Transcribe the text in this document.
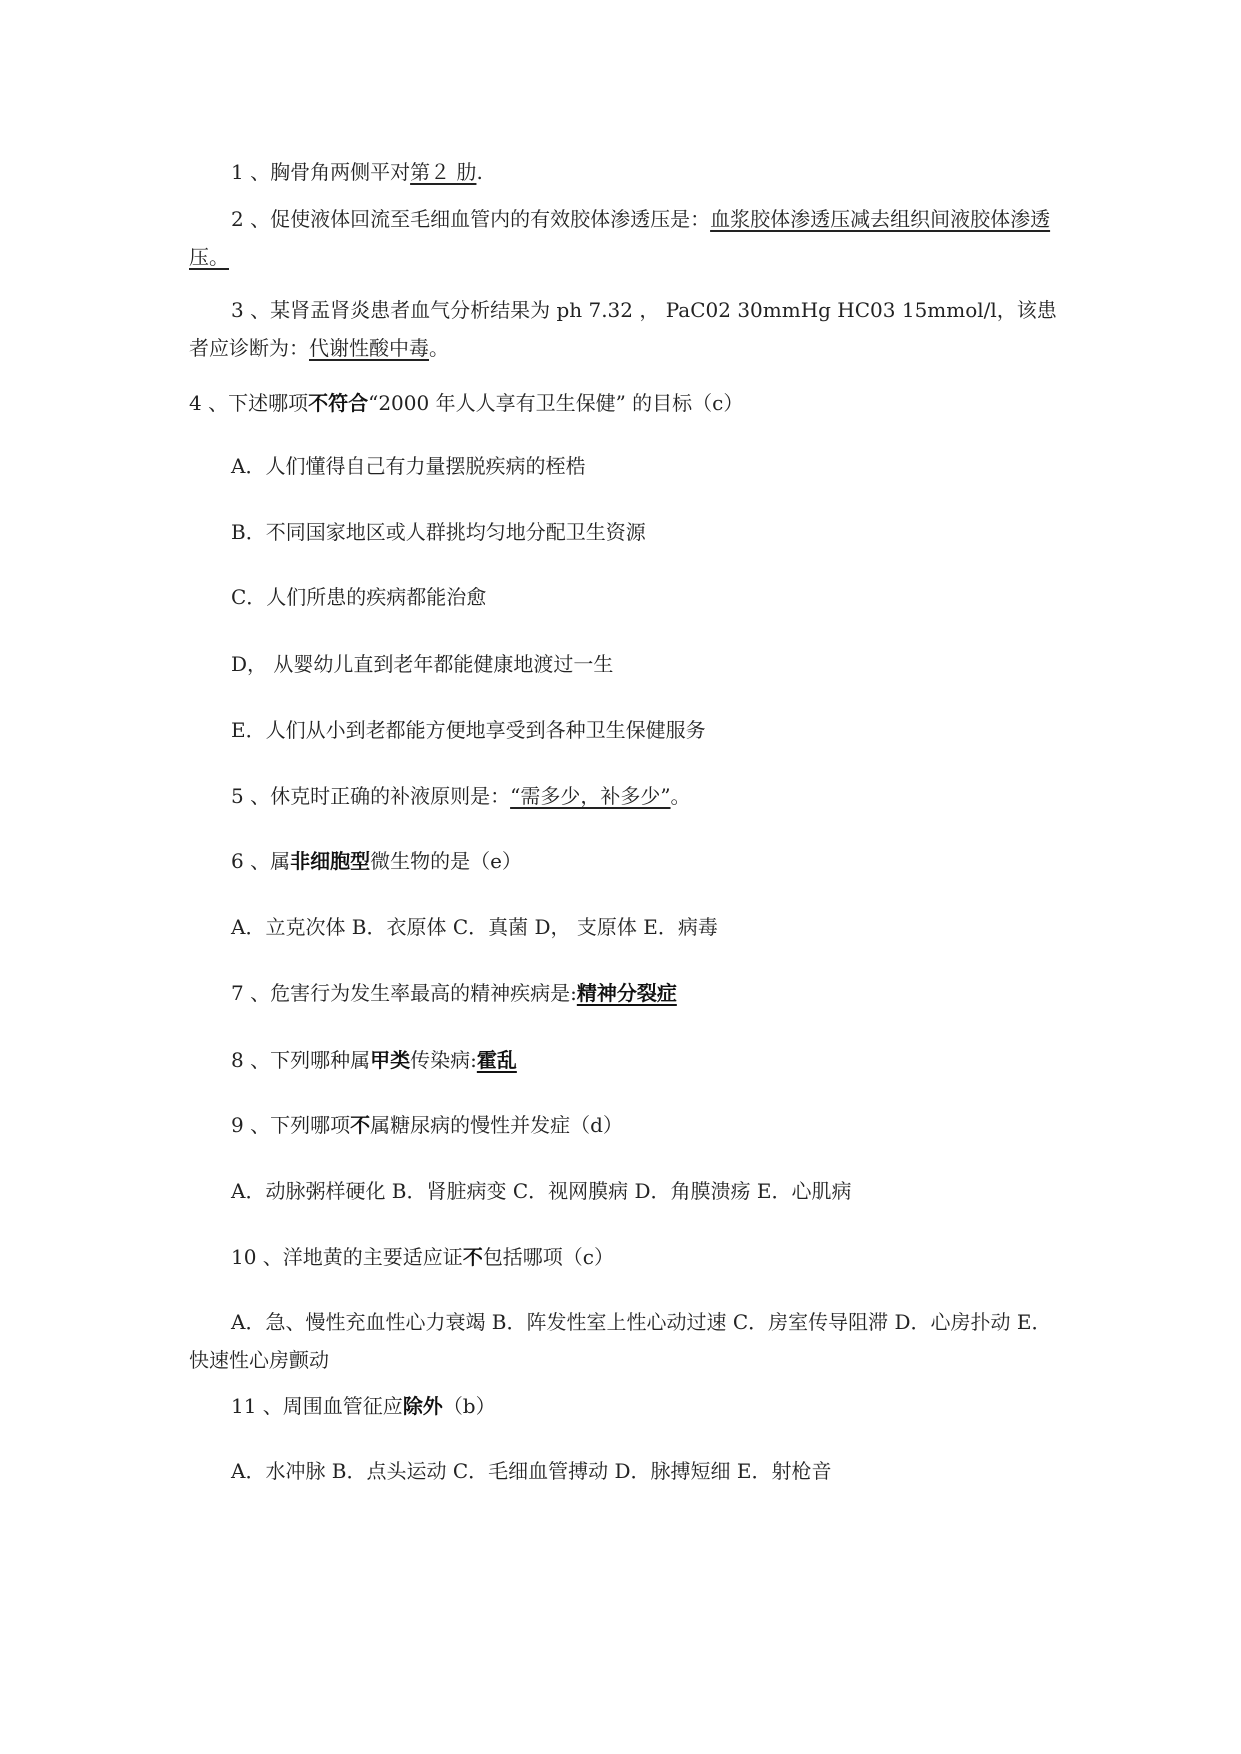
1 、胸骨角两侧平对第２ 肋.
2 、促使液体回流至毛细血管内的有效胶体渗透压是：血浆胶体渗透压减去组织间液胶体渗透压。
3 、某肾盂肾炎患者血气分析结果为 ph 7.32 ， PaC02 30mmHg HC03 15mmol/l，该患者应诊断为：代谢性酸中毒。
4 、下述哪项不符合“2000 年人人享有卫生保健” 的目标（c）
A．人们懂得自己有力量摆脱疾病的桎梏
B．不同国家地区或人群挑均匀地分配卫生资源
C．人们所患的疾病都能治愈
D， 从婴幼儿直到老年都能健康地渡过一生
E．人们从小到老都能方便地享受到各种卫生保健服务
5 、休克时正确的补液原则是：“需多少，补多少”。
6 、属非细胞型微生物的是（e）
A．立克次体 B．衣原体 C．真菌 D， 支原体 E．病毒
7 、危害行为发生率最高的精神疾病是:精神分裂症
8 、下列哪种属甲类传染病:霍乱
9 、下列哪项不属糖尿病的慢性并发症（d）
A．动脉粥样硬化 B．肾脏病变 C．视网膜病 D．角膜溃疡 E．心肌病
10 、洋地黄的主要适应证不包括哪项（c）
A．急、慢性充血性心力衰竭 B．阵发性室上性心动过速 C．房室传导阻滞 D．心房扑动 E．快速性心房颤动
11 、周围血管征应除外（b）
A．水冲脉 B．点头运动 C．毛细血管搏动 D．脉搏短细 E．射枪音
